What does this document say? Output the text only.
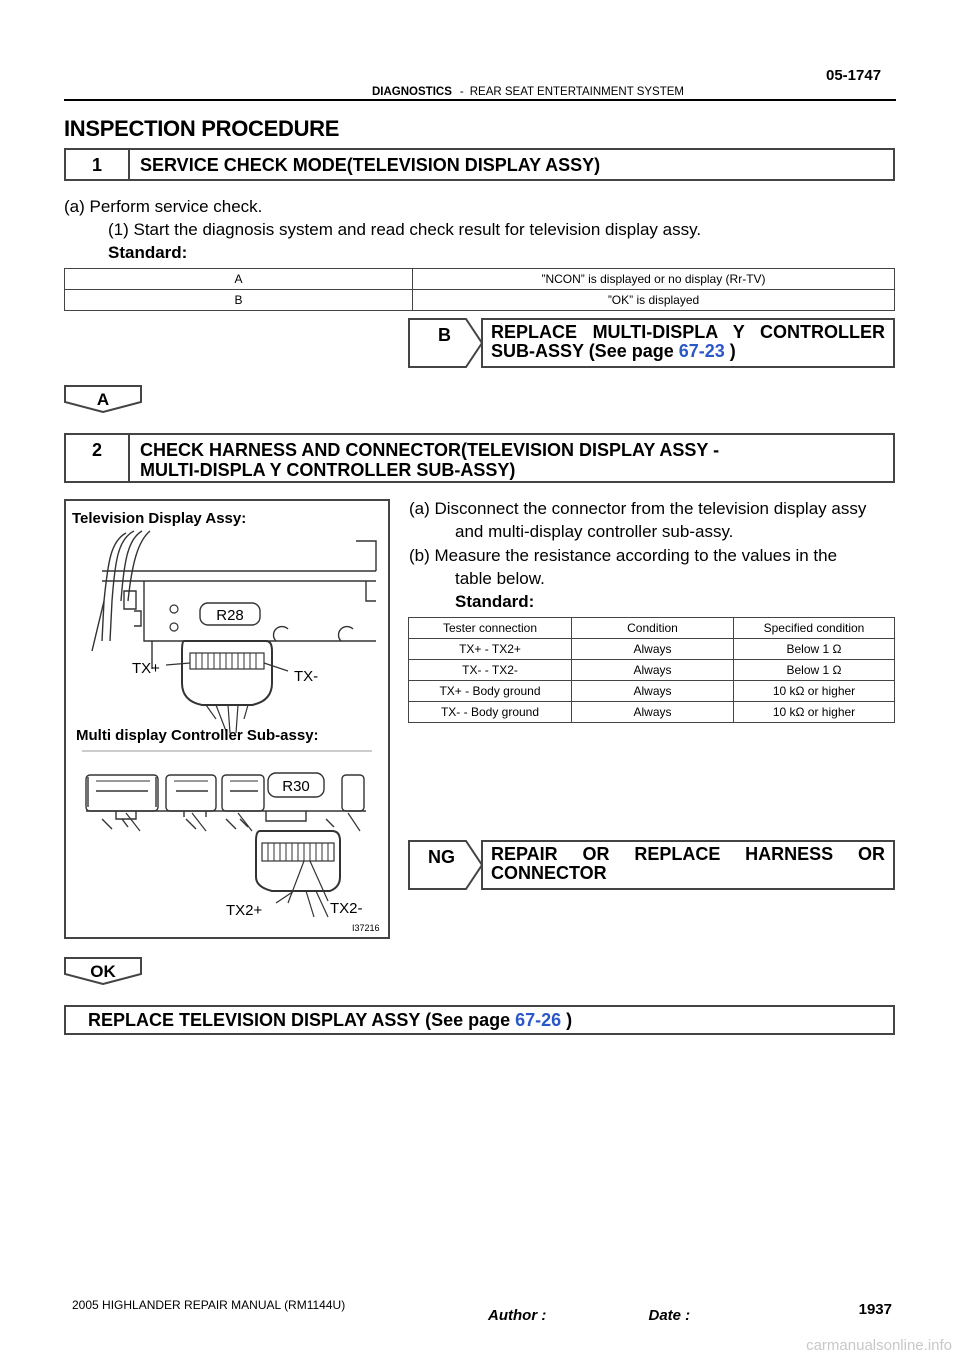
05-1747
DIAGNOSTICS - REAR SEAT ENTERTAINMENT SYSTEM
INSPECTION PROCEDURE
1	SERVICE CHECK MODE(TELEVISION DISPLAY ASSY)
(a) Perform service check.
(1) Start the diagnosis system and read check result for television display assy.
Standard:
A	”NCON” is displayed or no display (Rr-TV)
B	”OK” is displayed
B REPLACE MULTI-DISPLA Y CONTROLLER
SUB-ASSY (See page 67-23 )
A
2	CHECK HARNESS AND CONNECTOR(TELEVISION DISPLAY ASSY -
MULTI-DISPLA Y CONTROLLER SUB-ASSY)
R28
TX+	TX-
R30
TX2+	TX2-
Television Display Assy:
Multi display Controller Sub-assy:
I37216
(a) Disconnect the connector from the television display assy
and multi-display controller sub-assy.
(b) Measure the resistance according to the values in the
table below.
Standard:
Tester connection	Condition	Specified condition
TX+ - TX2+	Always	Below 1 Ω
TX- - TX2-	Always	Below 1 Ω
TX+ - Body ground	Always	10 kΩ or higher
TX- - Body ground	Always	10 kΩ or higher
NG REPAIR OR REPLACE HARNESS OR
CONNECTOR
OK
REPLACE TELEVISION DISPLAY ASSY (See page 67-26 )
2005 HIGHLANDER REPAIR MANUAL (RM1144U)
Author :	Date :	1937
carmanualsonline.info
